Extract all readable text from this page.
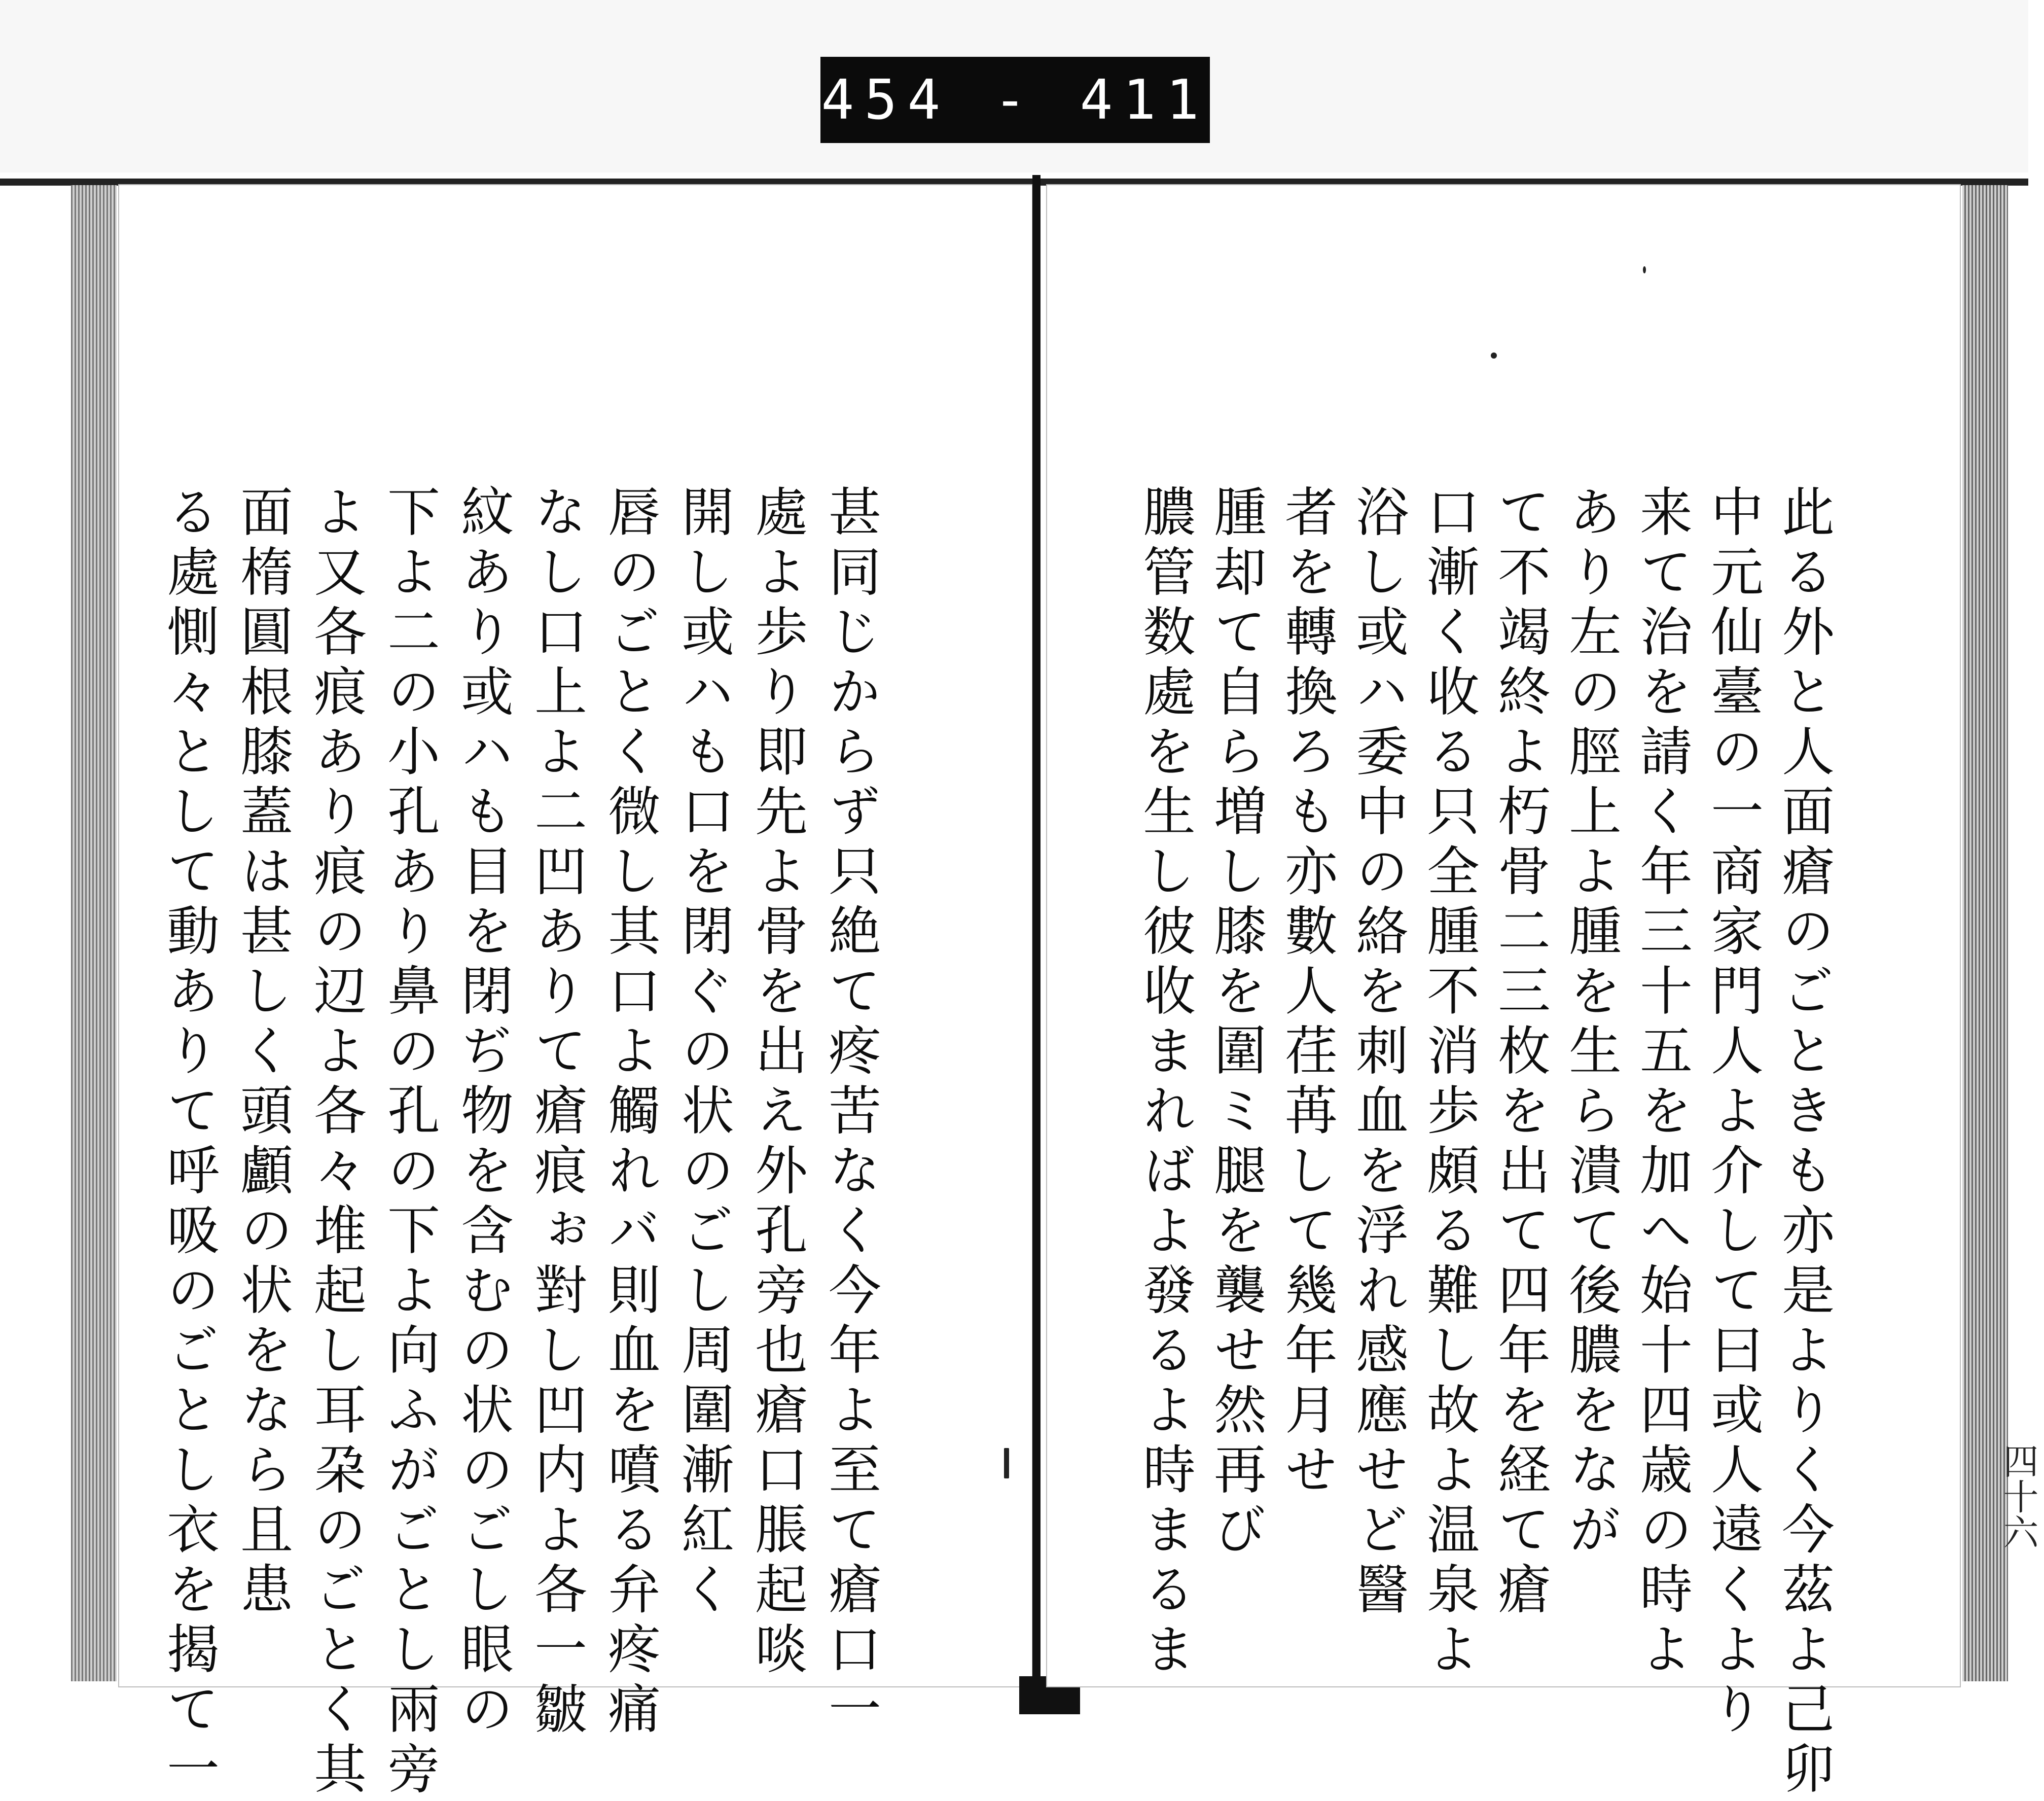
454 - 411
甚同じからず只絶て疼苦なく今年よ至て瘡口一
處よ歩り即先よ骨を出え外孔旁也瘡口脹起啖
開し或ハも口を閉ぐの状のごし周圍漸紅く
唇のごとく微し其口よ觸れバ則血を噴る弁疼痛
なし口上よ二凹ありて瘡痕ぉ對し凹内よ各一皺
紋あり或ハも目を閉ぢ物を含むの状のごし眼の
下よ二の小孔あり鼻の孔の下よ向ふがごとし兩旁
よ又各痕あり痕の辺よ各々堆起し耳朶のごとく其
面楕圓根膝蓋は甚しく頭顱の状をなら且患
る處惻々として動ありて呼吸のごとし衣を揭て一	此る外と人面瘡のごときも亦是よりく今茲よ己卯
中元仙臺の一商家門人よ介して曰或人遠くより
来て治を請く年三十五を加へ始十四歳の時よ
あり左の脛上よ腫を生ら潰て後膿をなが
て不竭終よ朽骨二三枚を出て四年を経て瘡
口漸く收る只全腫不消歩頗る難し故よ温泉よ
浴し或ハ委中の絡を刺血を浮れ感應せど醫
者を轉換ろも亦數人荏苒して幾年月せ
腫却て自ら増し膝を圍ミ腿を襲せ然再び
膿管数處を生し彼收まればよ發るよ時まるま	四十六
